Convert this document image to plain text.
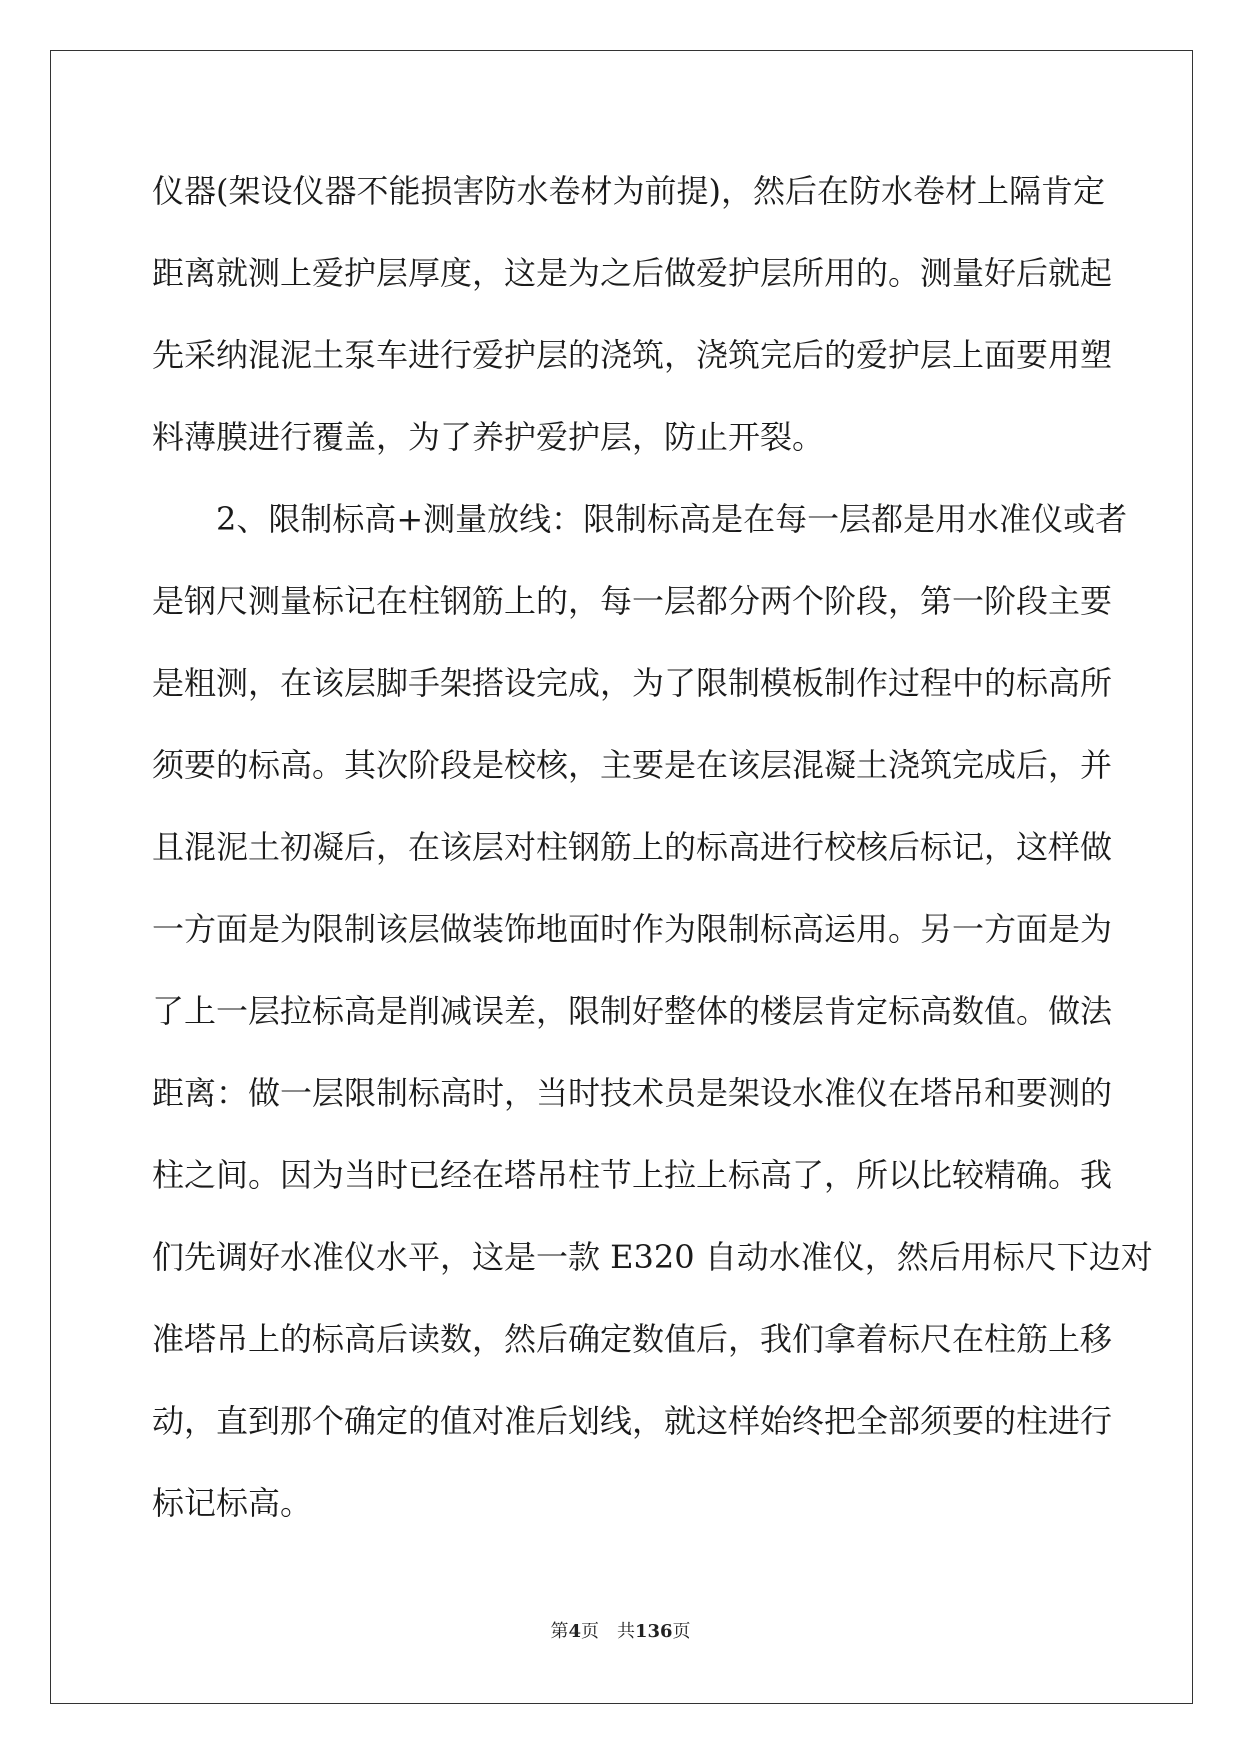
仪器(架设仪器不能损害防水卷材为前提)，然后在防水卷材上隔肯定
距离就测上爱护层厚度，这是为之后做爱护层所用的。测量好后就起
先采纳混泥土泵车进行爱护层的浇筑，浇筑完后的爱护层上面要用塑
料薄膜进行覆盖，为了养护爱护层，防止开裂。
　　2、限制标高+测量放线：限制标高是在每一层都是用水准仪或者
是钢尺测量标记在柱钢筋上的，每一层都分两个阶段，第一阶段主要
是粗测，在该层脚手架搭设完成，为了限制模板制作过程中的标高所
须要的标高。其次阶段是校核，主要是在该层混凝土浇筑完成后，并
且混泥土初凝后，在该层对柱钢筋上的标高进行校核后标记，这样做
一方面是为限制该层做装饰地面时作为限制标高运用。另一方面是为
了上一层拉标高是削减误差，限制好整体的楼层肯定标高数值。做法
距离：做一层限制标高时，当时技术员是架设水准仪在塔吊和要测的
柱之间。因为当时已经在塔吊柱节上拉上标高了，所以比较精确。我
们先调好水准仪水平，这是一款 E320 自动水准仪，然后用标尺下边对
准塔吊上的标高后读数，然后确定数值后，我们拿着标尺在柱筋上移
动，直到那个确定的值对准后划线，就这样始终把全部须要的柱进行
标记标高。
第4页　共136页
